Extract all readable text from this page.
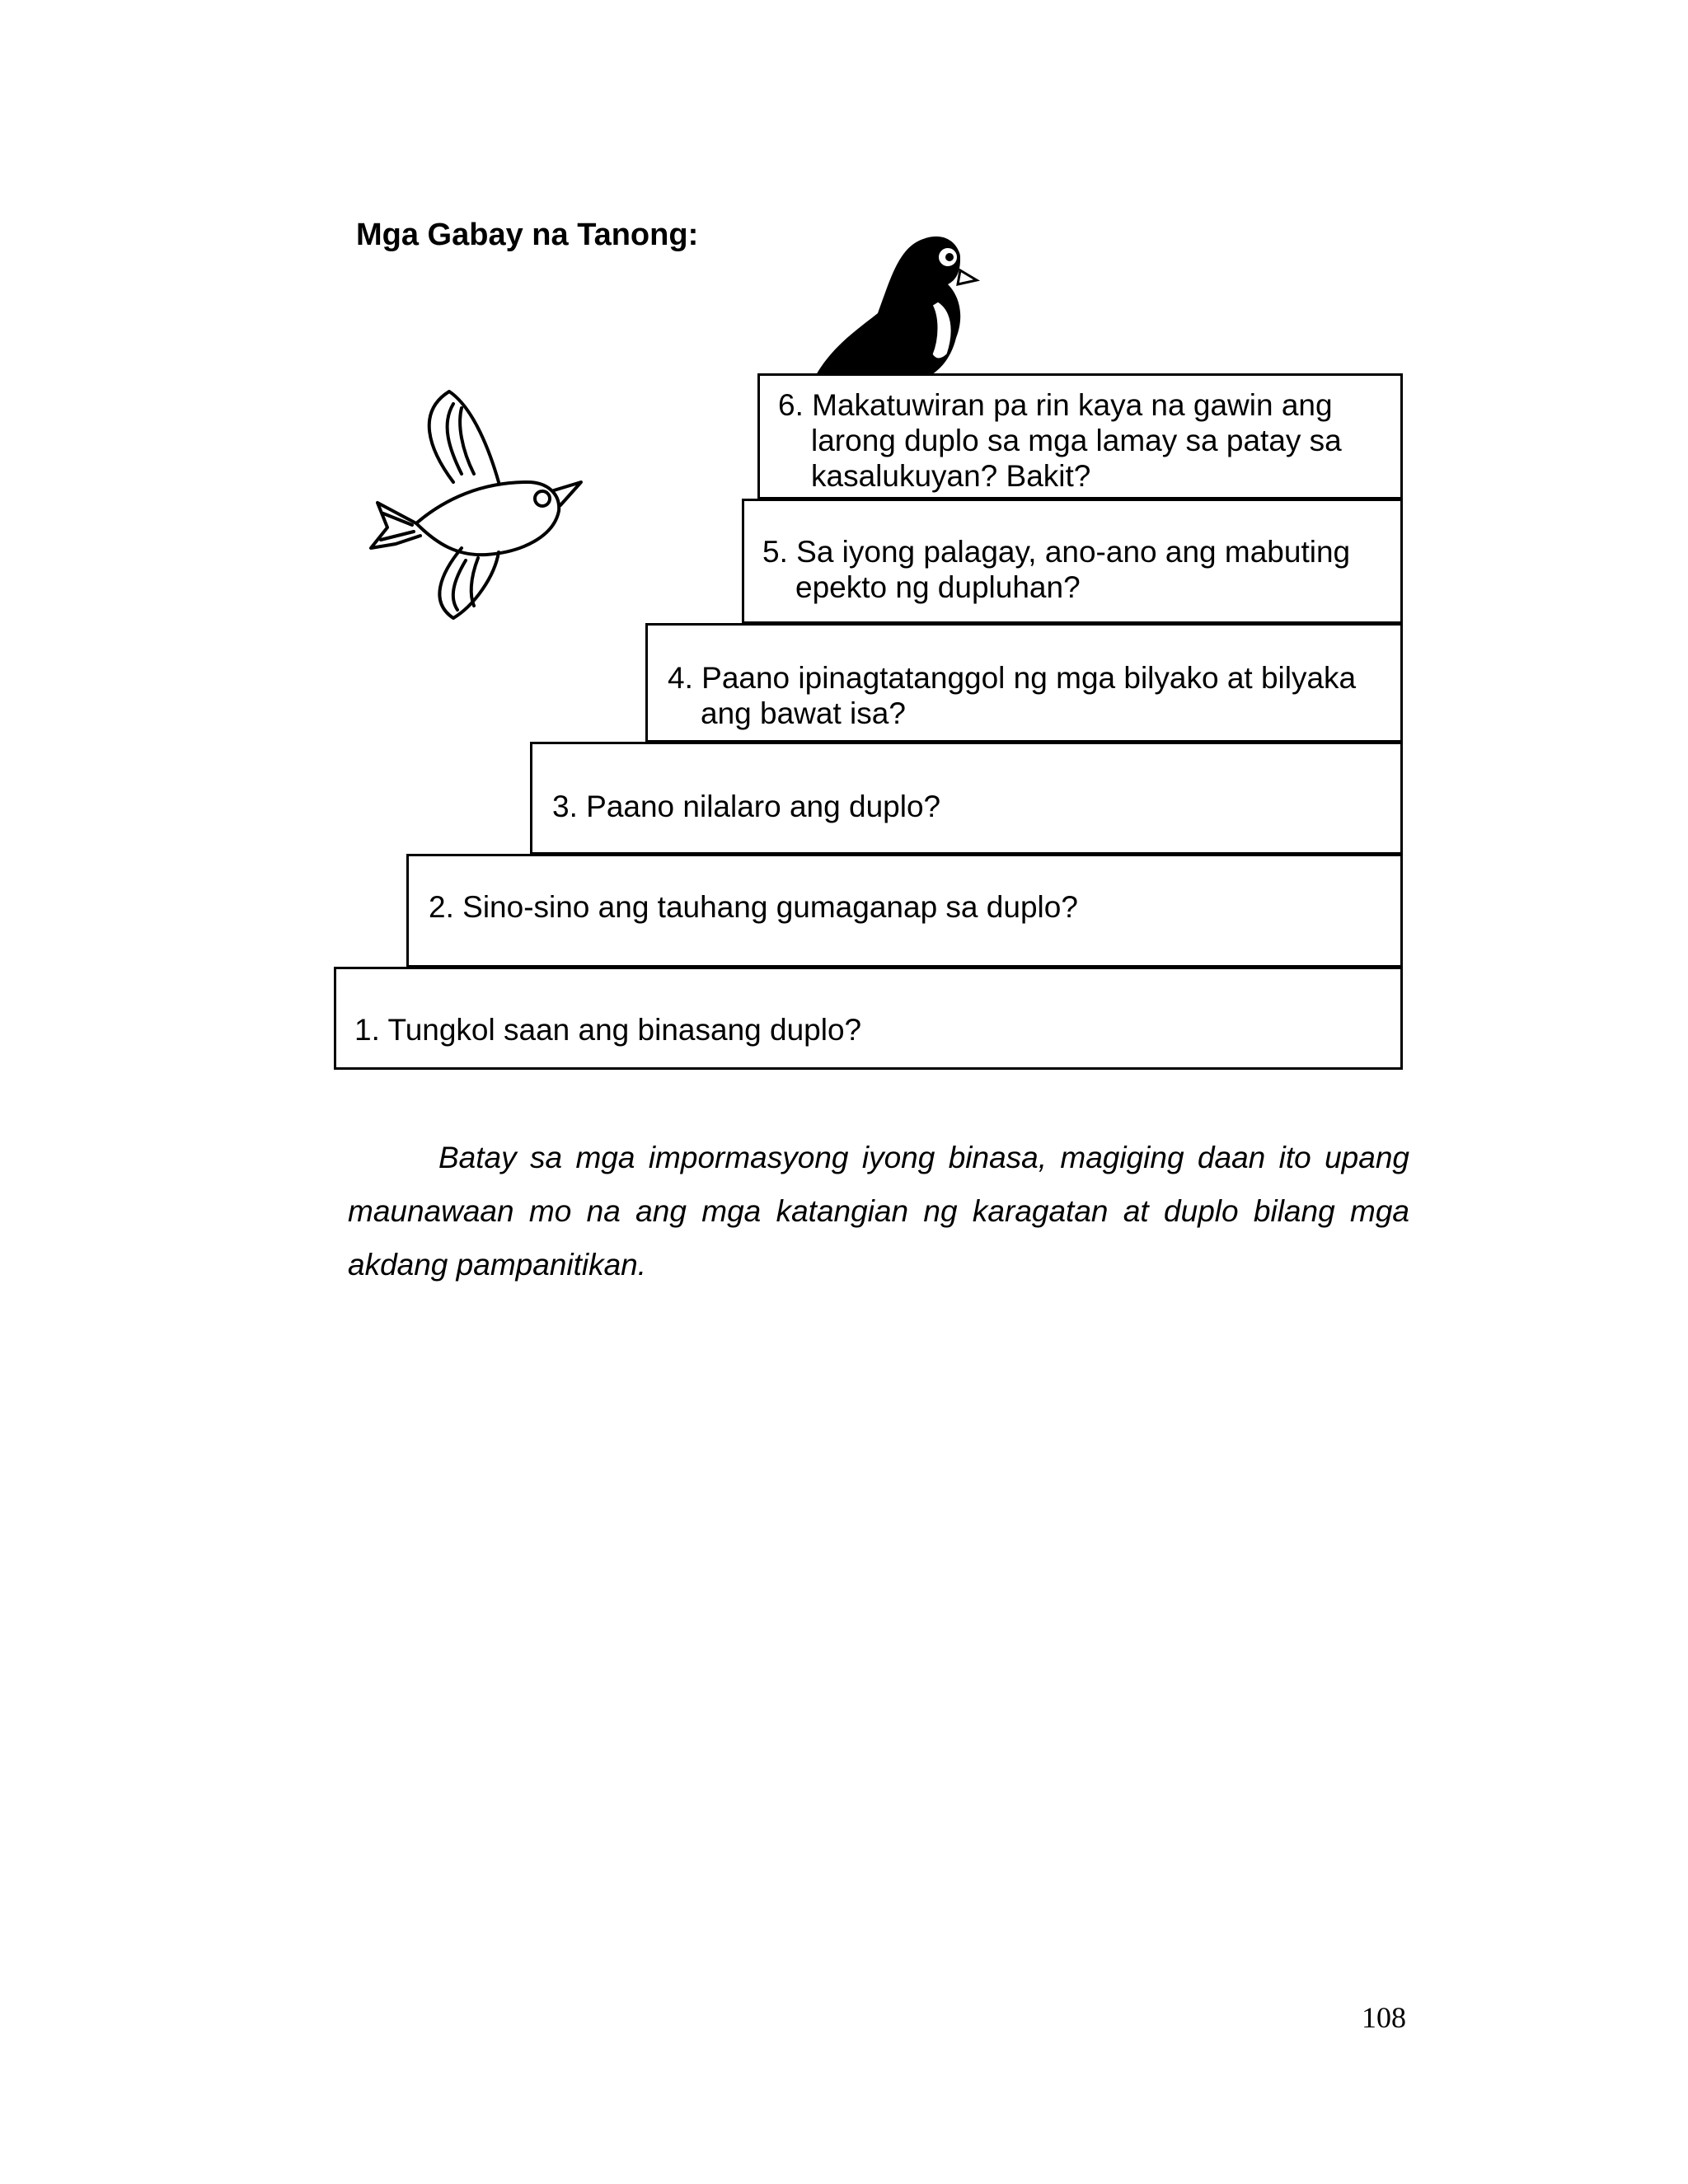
Mga Gabay na Tanong:
6. Makatuwiran pa rin kaya na gawin ang larong duplo sa mga lamay sa patay sa kasalukuyan? Bakit?
5. Sa iyong palagay, ano-ano ang mabuting epekto ng dupluhan?
4. Paano ipinagtatanggol ng mga bilyako at bilyaka ang bawat isa?
3. Paano nilalaro ang duplo?
2. Sino-sino ang tauhang gumaganap sa duplo?
1. Tungkol saan ang binasang duplo?
Batay sa mga impormasyong iyong binasa, magiging daan ito upang maunawaan mo na ang mga katangian ng karagatan at duplo bilang mga akdang pampanitikan.
108
